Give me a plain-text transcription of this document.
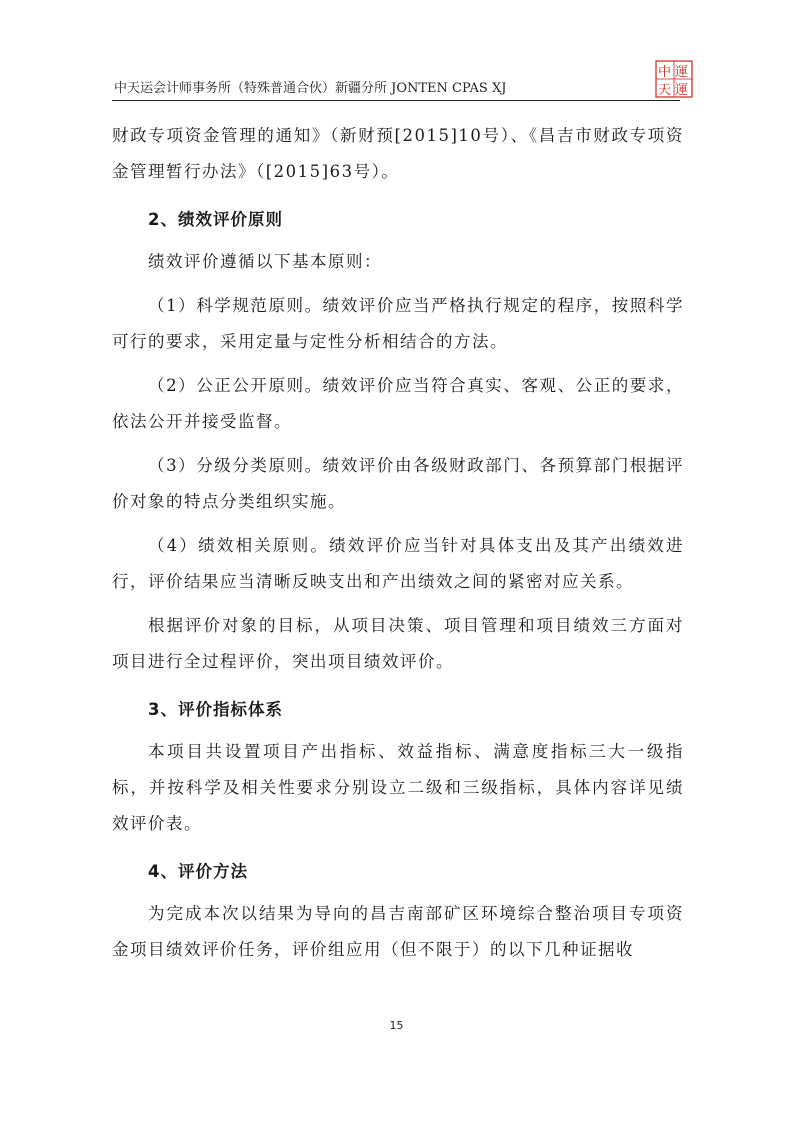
中天运会计师事务所（特殊普通合伙）新疆分所 JONTEN CPAS XJ
中 運
天 運

财政专项资金管理的通知》（新财预[2015]10号）、《昌吉市财政专项资金管理暂行办法》（[2015]63号）。

2、绩效评价原则

绩效评价遵循以下基本原则：

（1）科学规范原则。绩效评价应当严格执行规定的程序，按照科学可行的要求，采用定量与定性分析相结合的方法。

（2）公正公开原则。绩效评价应当符合真实、客观、公正的要求，依法公开并接受监督。

（3）分级分类原则。绩效评价由各级财政部门、各预算部门根据评价对象的特点分类组织实施。

（4）绩效相关原则。绩效评价应当针对具体支出及其产出绩效进行，评价结果应当清晰反映支出和产出绩效之间的紧密对应关系。

根据评价对象的目标，从项目决策、项目管理和项目绩效三方面对项目进行全过程评价，突出项目绩效评价。

3、评价指标体系

本项目共设置项目产出指标、效益指标、满意度指标三大一级指标，并按科学及相关性要求分别设立二级和三级指标，具体内容详见绩效评价表。

4、评价方法

为完成本次以结果为导向的昌吉南部矿区环境综合整治项目专项资金项目绩效评价任务，评价组应用（但不限于）的以下几种证据收

15
